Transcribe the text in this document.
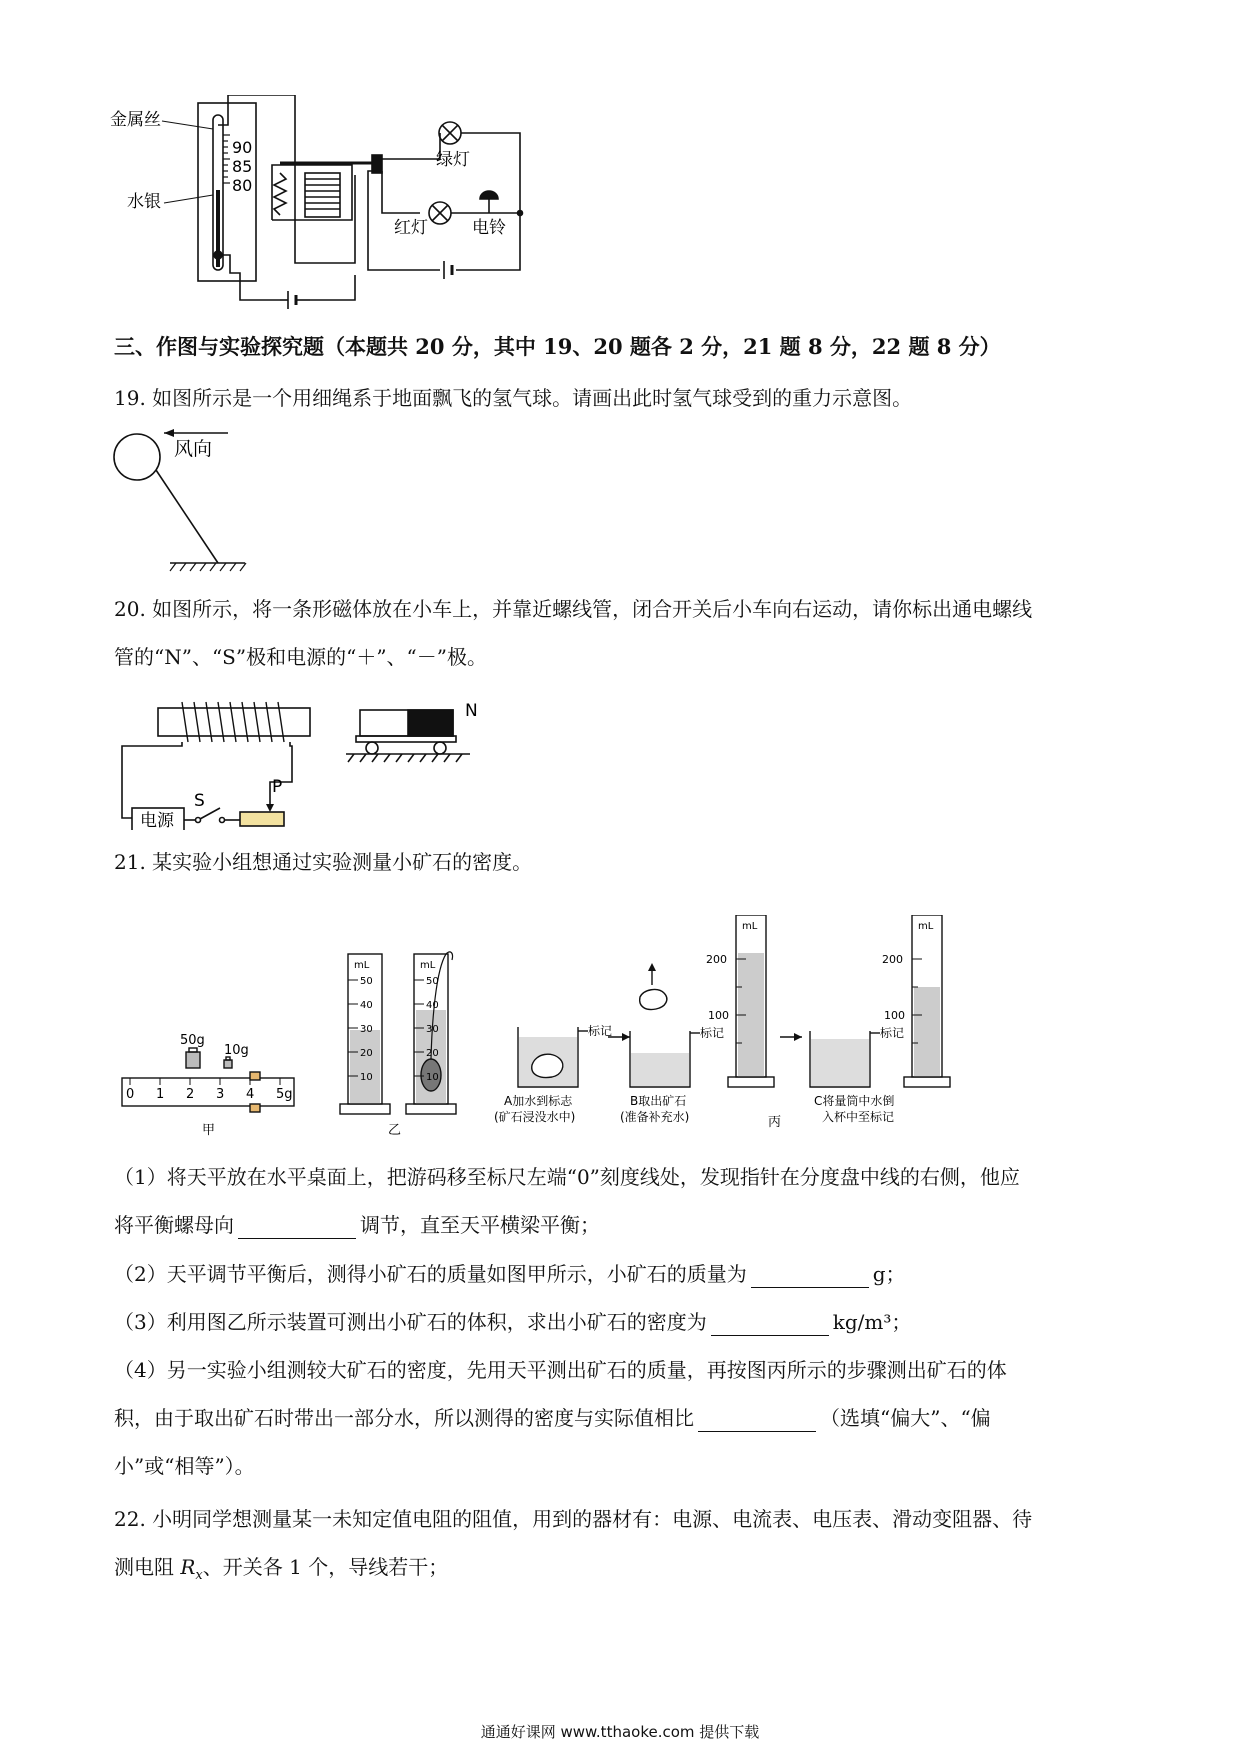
金属丝
水银
90
85
80
绿灯
红灯	电铃
三、作图与实验探究题（本题共 20 分，其中 19、20 题各 2 分，21 题 8 分，22 题 8 分）
19. 如图所示是一个用细绳系于地面飘飞的氢气球。请画出此时氢气球受到的重力示意图。
风向
20. 如图所示，将一条形磁体放在小车上，并靠近螺线管，闭合开关后小车向右运动，请你标出通电螺线
管的“N”、“S”极和电源的“＋”、“－”极。
电源
S
P
N
21. 某实验小组想通过实验测量小矿石的密度。
50g
10g
0 1 2 3 4 5g
甲
mL
50
40
30
20
10
mL
50
40
30
20
10
乙
标记	标记	标记
mL
200
100
mL
200
100
A加水到标志
(矿石浸没水中)
B取出矿石
(准备补充水)
C将量筒中水倒
入杯中至标记
丙
（1）将天平放在水平桌面上，把游码移至标尺左端“0”刻度线处，发现指针在分度盘中线的右侧，他应
将平衡螺母向	调节，直至天平横梁平衡；
（2）天平调节平衡后，测得小矿石的质量如图甲所示，小矿石的质量为	g；
（3）利用图乙所示装置可测出小矿石的体积，求出小矿石的密度为	kg/m³；
（4）另一实验小组测较大矿石的密度，先用天平测出矿石的质量，再按图丙所示的步骤测出矿石的体
积，由于取出矿石时带出一部分水，所以测得的密度与实际值相比	（选填“偏大”、“偏
小”或“相等”）。
22. 小明同学想测量某一未知定值电阻的阻值，用到的器材有：电源、电流表、电压表、滑动变阻器、待
测电阻 $R_x$、开关各 1 个，导线若干；
通通好课网 www.tthaoke.com 提供下载
